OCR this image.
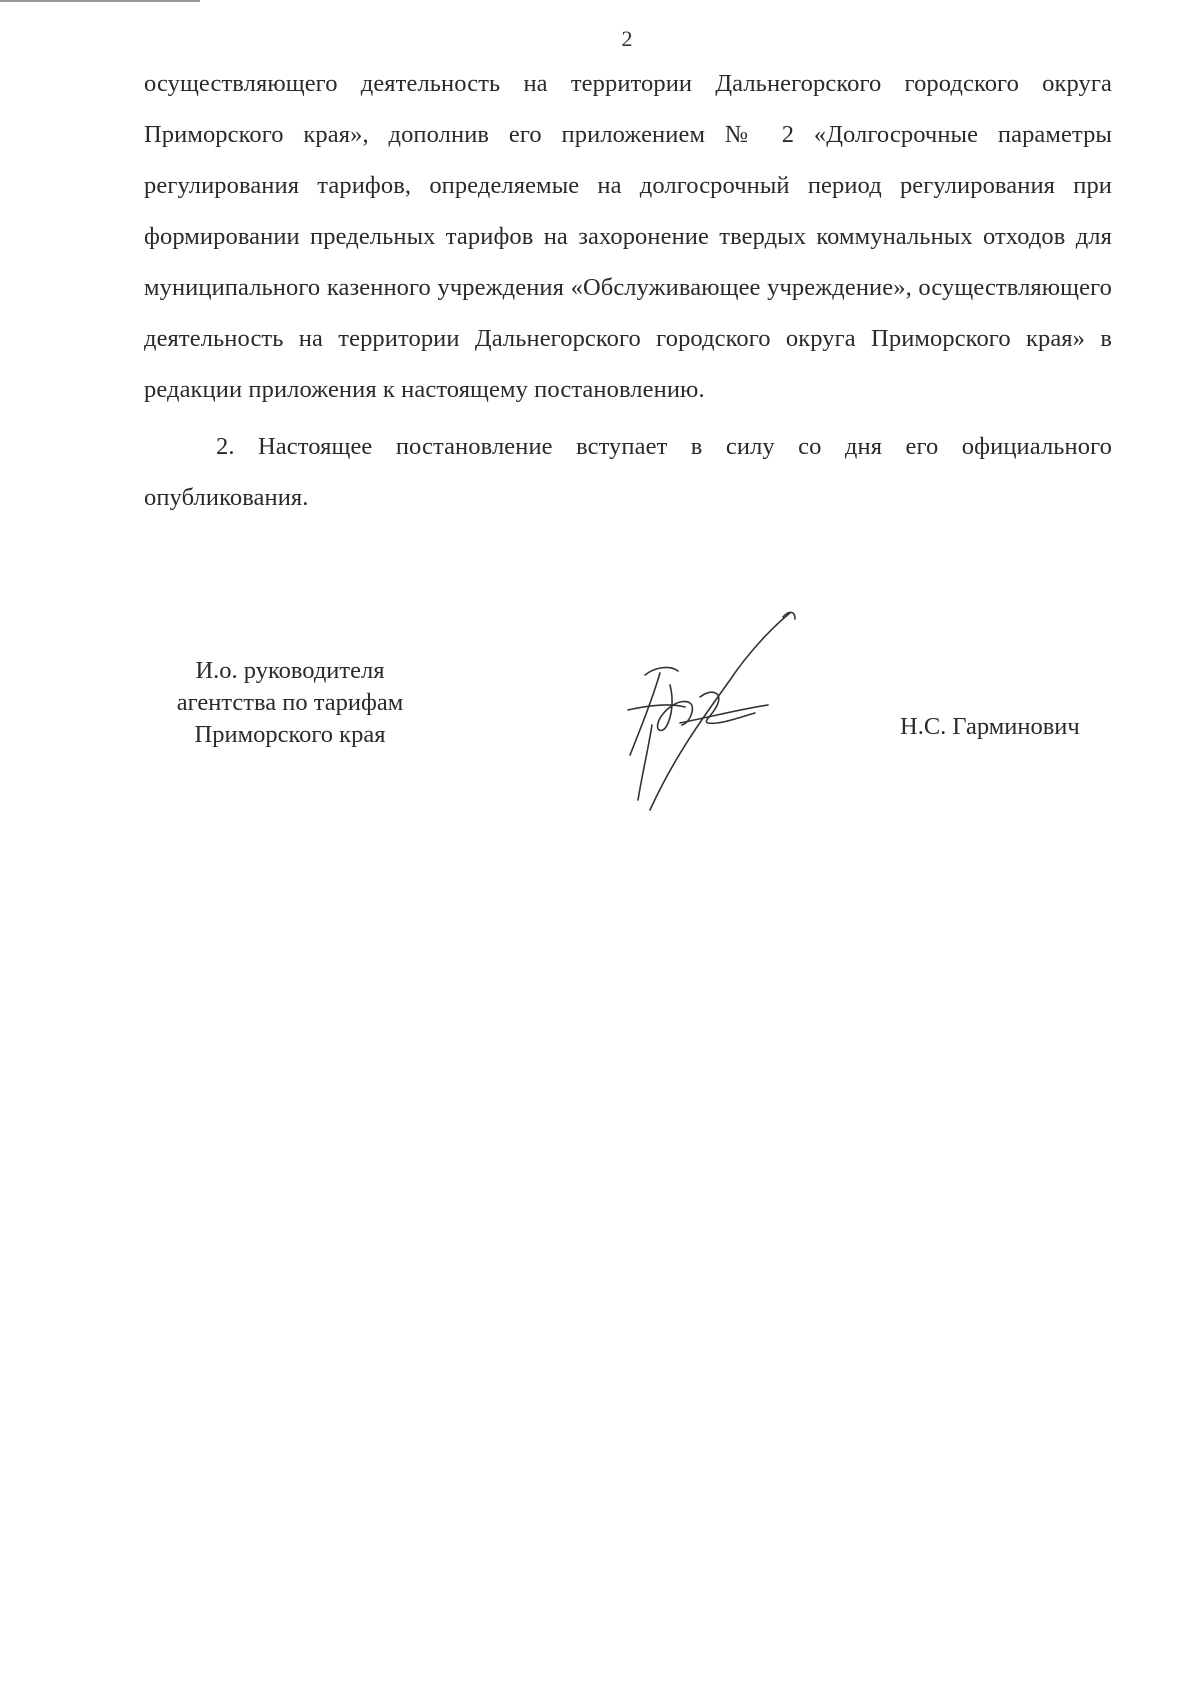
2

осуществляющего деятельность на территории Дальнегорского городского округа Приморского края», дополнив его приложением № 2 «Долгосрочные параметры регулирования тарифов, определяемые на долгосрочный период регулирования при формировании предельных тарифов на захоронение твердых коммунальных отходов для муниципального казенного учреждения «Обслуживающее учреждение», осуществляющего деятельность на территории Дальнегорского городского округа Приморского края» в редакции приложения к настоящему постановлению.

2. Настоящее постановление вступает в силу со дня его официального опубликования.

И.о. руководителя
агентства по тарифам
Приморского края	Н.С. Гарминович
